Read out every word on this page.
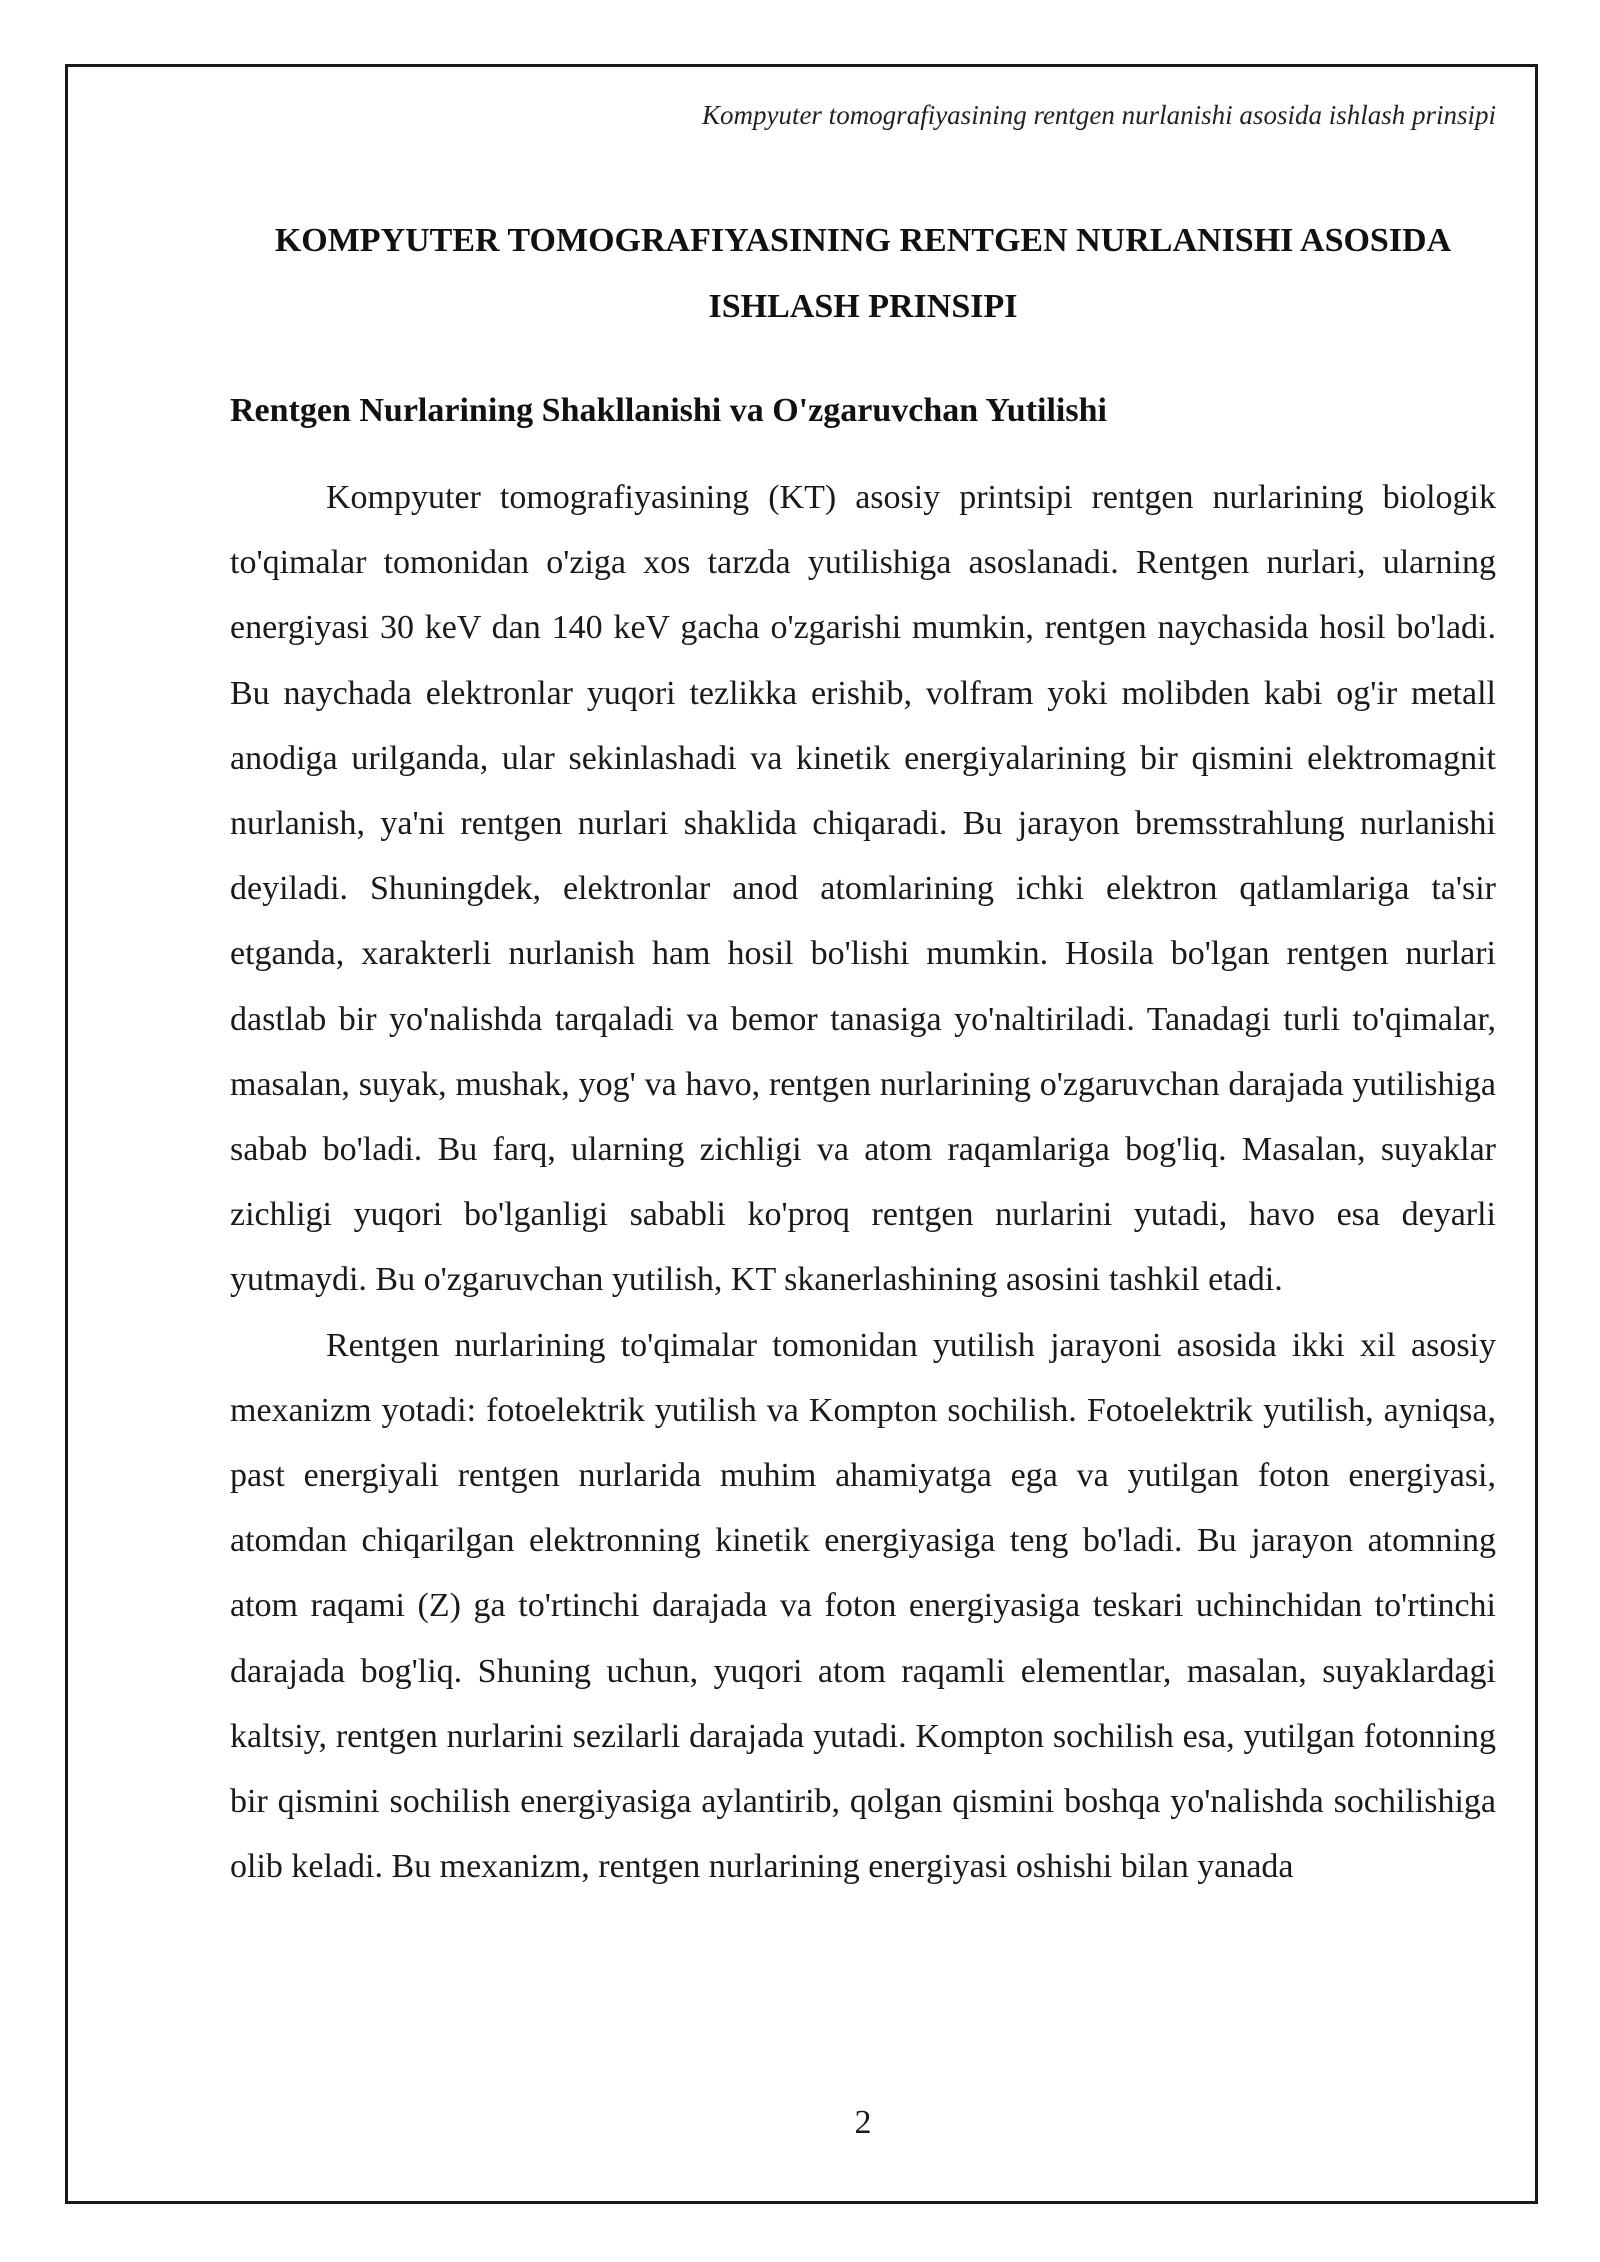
Kompyuter tomografiyasining rentgen nurlanishi asosida ishlash prinsipi
KOMPYUTER TOMOGRAFIYASINING RENTGEN NURLANISHI ASOSIDA ISHLASH PRINSIPI
Rentgen Nurlarining Shakllanishi va O'zgaruvchan Yutilishi

Kompyuter tomografiyasining (KT) asosiy printsipi rentgen nurlarining biologik to'qimalar tomonidan o'ziga xos tarzda yutilishiga asoslanadi. Rentgen nurlari, ularning energiyasi 30 keV dan 140 keV gacha o'zgarishi mumkin, rentgen naychasida hosil bo'ladi. Bu naychada elektronlar yuqori tezlikka erishib, volfram yoki molibden kabi og'ir metall anodiga urilganda, ular sekinlashadi va kinetik energiyalarining bir qismini elektromagnit nurlanish, ya'ni rentgen nurlari shaklida chiqaradi. Bu jarayon bremsstrahlung nurlanishi deyiladi. Shuningdek, elektronlar anod atomlarining ichki elektron qatlamlariga ta'sir etganda, xarakterli nurlanish ham hosil bo'lishi mumkin. Hosila bo'lgan rentgen nurlari dastlab bir yo'nalishda tarqaladi va bemor tanasiga yo'naltiriladi. Tanadagi turli to'qimalar, masalan, suyak, mushak, yog' va havo, rentgen nurlarining o'zgaruvchan darajada yutilishiga sabab bo'ladi. Bu farq, ularning zichligi va atom raqamlariga bog'liq. Masalan, suyaklar zichligi yuqori bo'lganligi sababli ko'proq rentgen nurlarini yutadi, havo esa deyarli yutmaydi. Bu o'zgaruvchan yutilish, KT skanerlashining asosini tashkil etadi.

Rentgen nurlarining to'qimalar tomonidan yutilish jarayoni asosida ikki xil asosiy mexanizm yotadi: fotoelektrik yutilish va Kompton sochilish. Fotoelektrik yutilish, ayniqsa, past energiyali rentgen nurlarida muhim ahamiyatga ega va yutilgan foton energiyasi, atomdan chiqarilgan elektronning kinetik energiyasiga teng bo'ladi. Bu jarayon atomning atom raqami (Z) ga to'rtinchi darajada va foton energiyasiga teskari uchinchidan to'rtinchi darajada bog'liq. Shuning uchun, yuqori atom raqamli elementlar, masalan, suyaklardagi kaltsiy, rentgen nurlarini sezilarli darajada yutadi. Kompton sochilish esa, yutilgan fotonning bir qismini sochilish energiyasiga aylantirib, qolgan qismini boshqa yo'nalishda sochilishiga olib keladi. Bu mexanizm, rentgen nurlarining energiyasi oshishi bilan yanada

2
